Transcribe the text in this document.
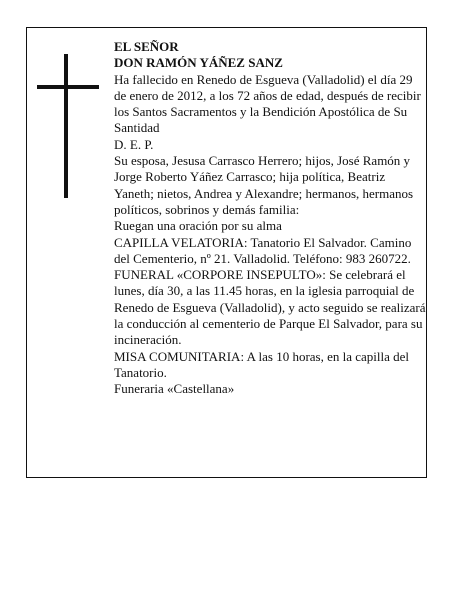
EL SEÑOR

DON RAMÓN YÁÑEZ SANZ

Ha fallecido en Renedo de Esgueva (Valladolid) el día 29 de enero de 2012, a los 72 años de edad, después de recibir los Santos Sacramentos y la Bendición Apostólica de Su Santidad

D. E. P.

Su esposa, Jesusa Carrasco Herrero; hijos, José Ramón y Jorge Roberto Yáñez Carrasco; hija política, Beatriz Yaneth; nietos, Andrea y Alexandre; hermanos, hermanos políticos, sobrinos y demás familia:

Ruegan una oración por su alma

CAPILLA VELATORIA: Tanatorio El Salvador. Camino del Cementerio, nº 21. Valladolid. Teléfono: 983 260722.

FUNERAL «CORPORE INSEPULTO»: Se celebrará el lunes, día 30, a las 11.45 horas, en la iglesia parroquial de Renedo de Esgueva (Valladolid), y acto seguido se realizará la conducción al cementerio de Parque El Salvador, para su incineración.

MISA COMUNITARIA: A las 10 horas, en la capilla del Tanatorio.

Funeraria «Castellana»
